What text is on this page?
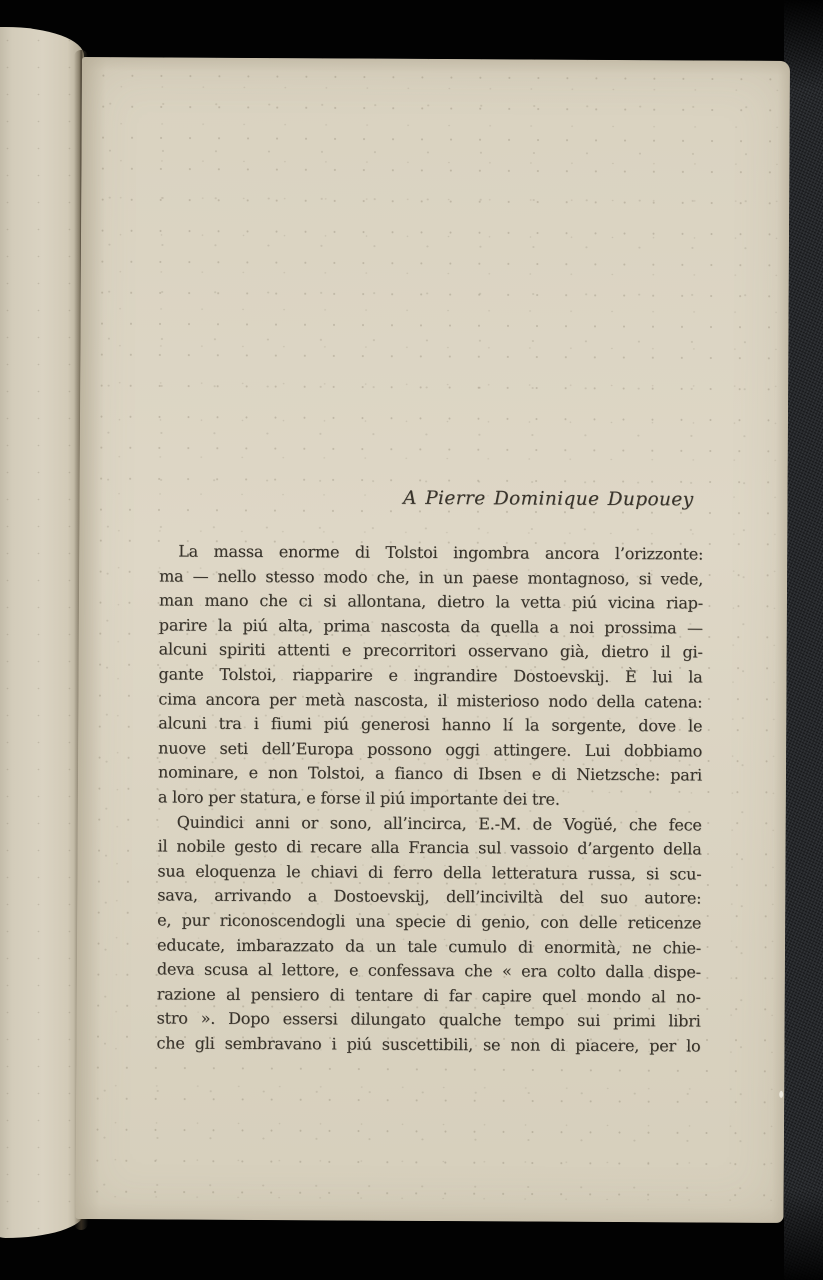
A Pierre Dominique Dupouey
La massa enorme di Tolstoi ingombra ancora l’orizzonte:
ma — nello stesso modo che, in un paese montagnoso, si vede,
man mano che ci si allontana, dietro la vetta piú vicina riap-
parire la piú alta, prima nascosta da quella a noi prossima —
alcuni spiriti attenti e precorritori osservano già, dietro il gi-
gante Tolstoi, riapparire e ingrandire Dostoevskij. È lui la
cima ancora per metà nascosta, il misterioso nodo della catena:
alcuni tra i fiumi piú generosi hanno lí la sorgente, dove le
nuove seti dell’Europa possono oggi attingere. Lui dobbiamo
nominare, e non Tolstoi, a fianco di Ibsen e di Nietzsche: pari
a loro per statura, e forse il piú importante dei tre.
Quindici anni or sono, all’incirca, E.-M. de Vogüé, che fece
il nobile gesto di recare alla Francia sul vassoio d’argento della
sua eloquenza le chiavi di ferro della letteratura russa, si scu-
sava, arrivando a Dostoevskij, dell’inciviltà del suo autore:
e, pur riconoscendogli una specie di genio, con delle reticenze
educate, imbarazzato da un tale cumulo di enormità, ne chie-
deva scusa al lettore, e confessava che « era colto dalla dispe-
razione al pensiero di tentare di far capire quel mondo al no-
stro ». Dopo essersi dilungato qualche tempo sui primi libri
che gli sembravano i piú suscettibili, se non di piacere, per lo
